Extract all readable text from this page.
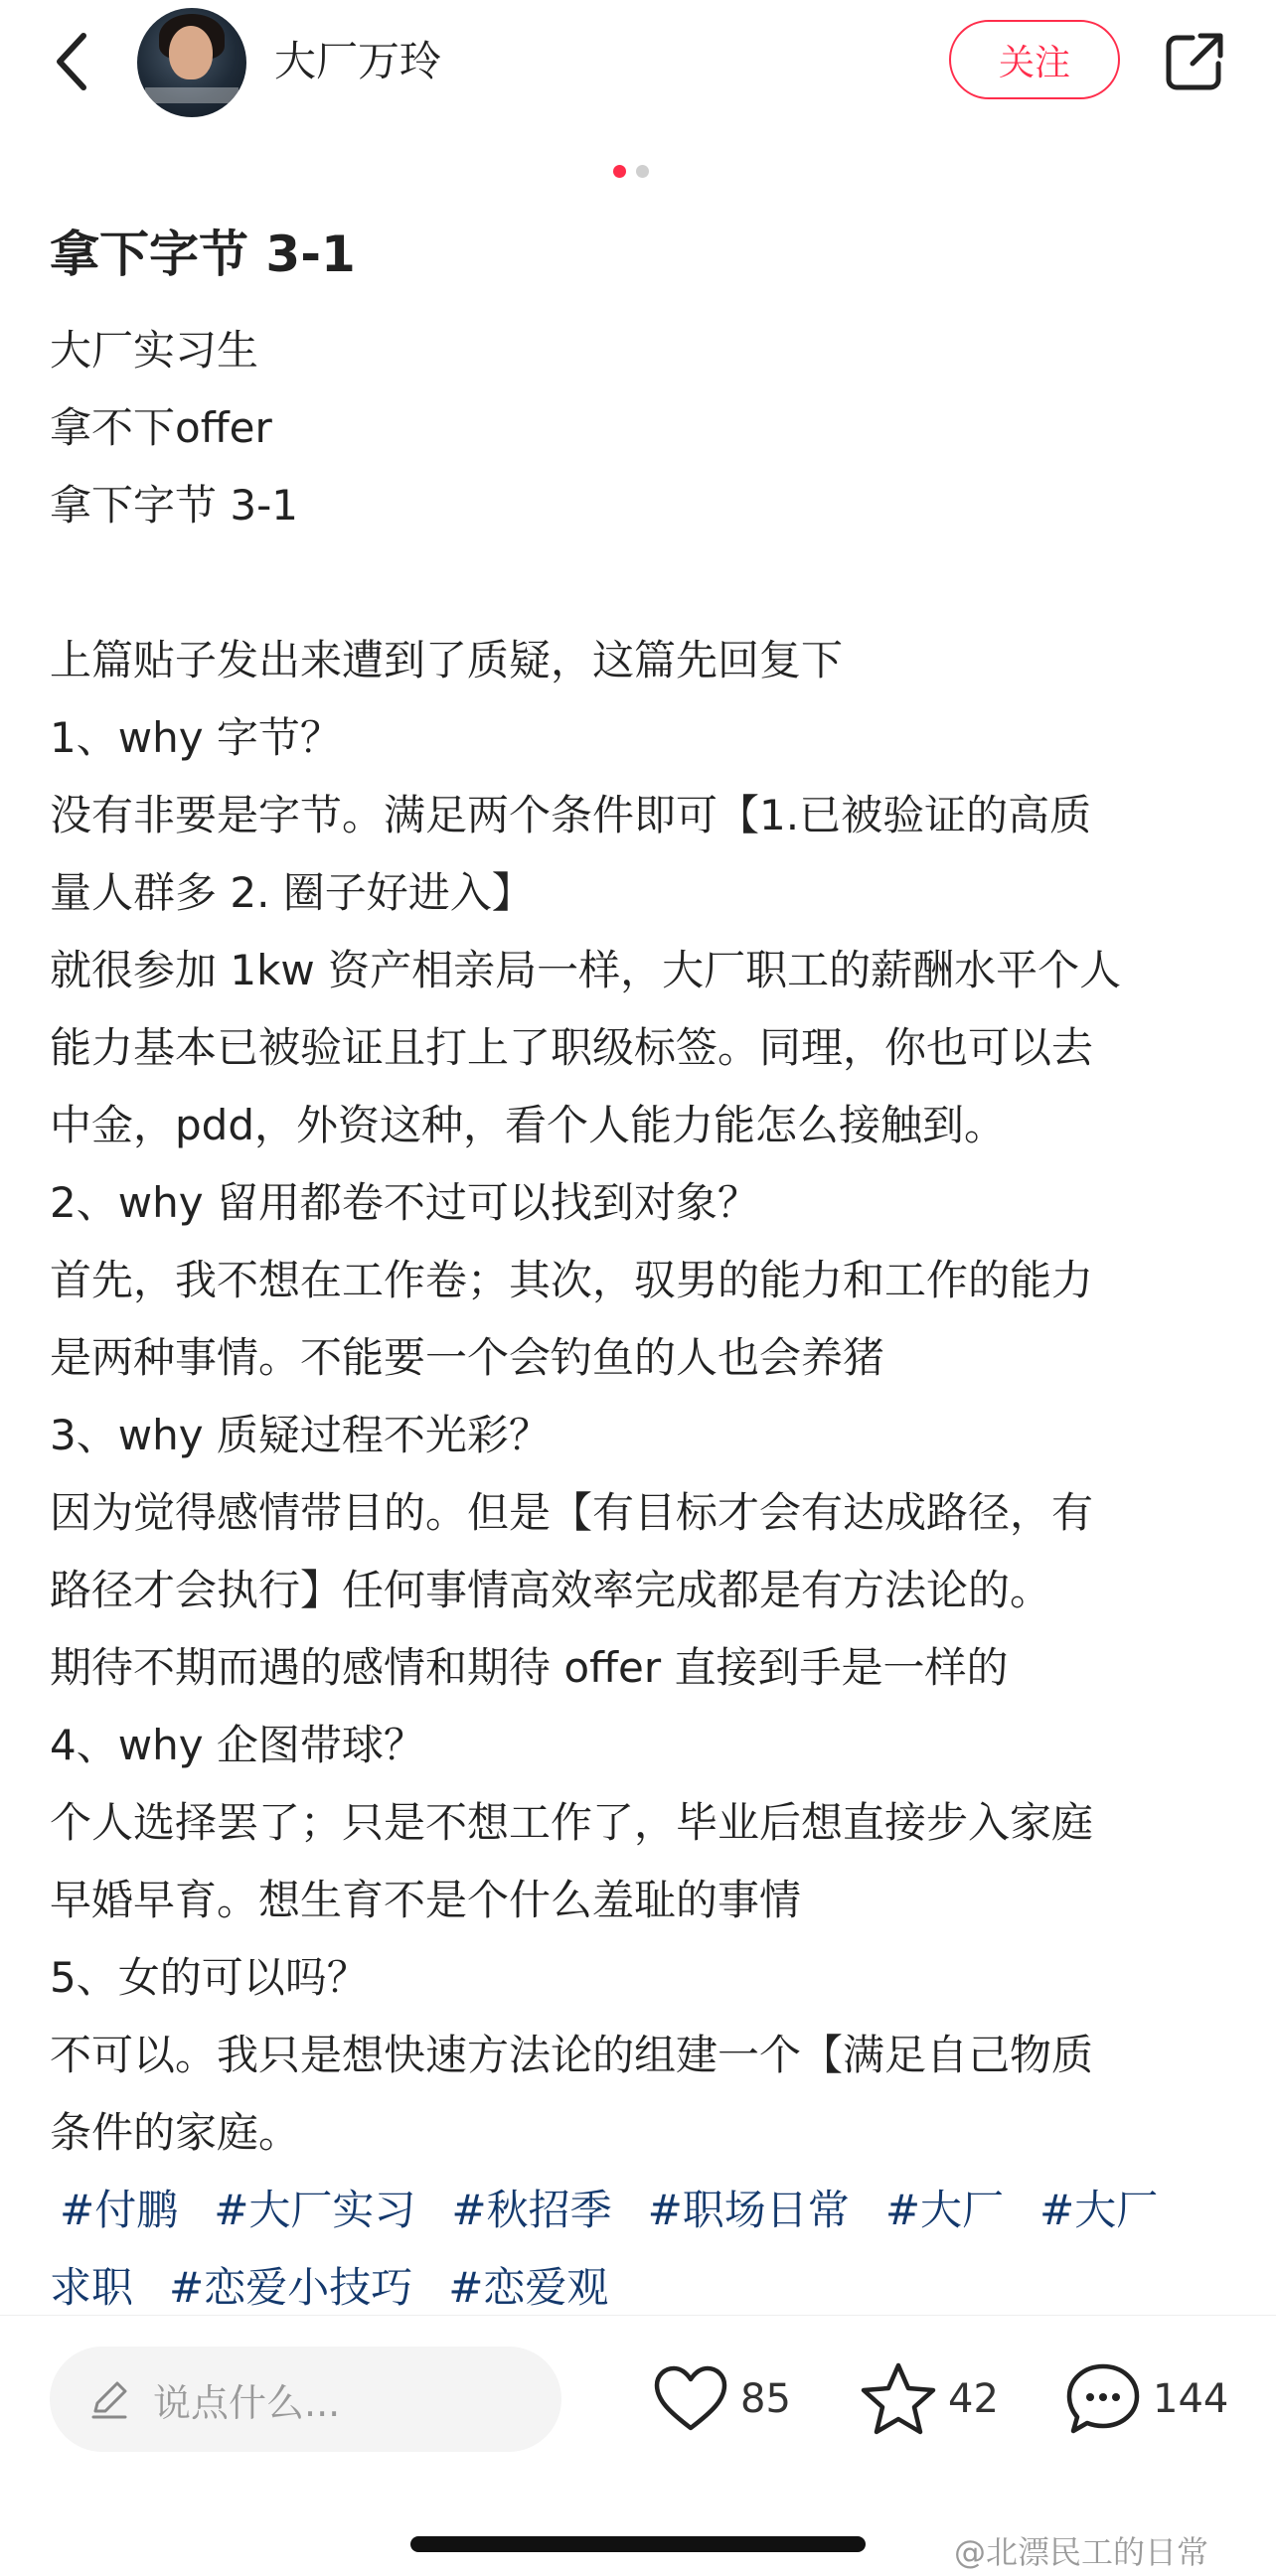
大厂万玲	关注
拿下字节 3-1
大厂实习生
拿不下offer
拿下字节 3-1
上篇贴子发出来遭到了质疑，这篇先回复下
1、why 字节？
没有非要是字节。满足两个条件即可【1.已被验证的高质
量人群多 2. 圈子好进入】
就很参加 1kw 资产相亲局一样，大厂职工的薪酬水平个人
能力基本已被验证且打上了职级标签。同理，你也可以去
中金，pdd，外资这种，看个人能力能怎么接触到。
2、why 留用都卷不过可以找到对象？
首先，我不想在工作卷；其次，驭男的能力和工作的能力
是两种事情。不能要一个会钓鱼的人也会养猪
3、why 质疑过程不光彩？
因为觉得感情带目的。但是【有目标才会有达成路径，有
路径才会执行】任何事情高效率完成都是有方法论的。
期待不期而遇的感情和期待 offer 直接到手是一样的
4、why 企图带球？
个人选择罢了；只是不想工作了，毕业后想直接步入家庭
早婚早育。想生育不是个什么羞耻的事情
5、女的可以吗？
不可以。我只是想快速方法论的组建一个【满足自己物质
条件的家庭。
#付鹏 #大厂实习 #秋招季 #职场日常 #大厂 #大厂
求职 #恋爱小技巧 #恋爱观
说点什么...	85	42	144
@北漂民工的日常
